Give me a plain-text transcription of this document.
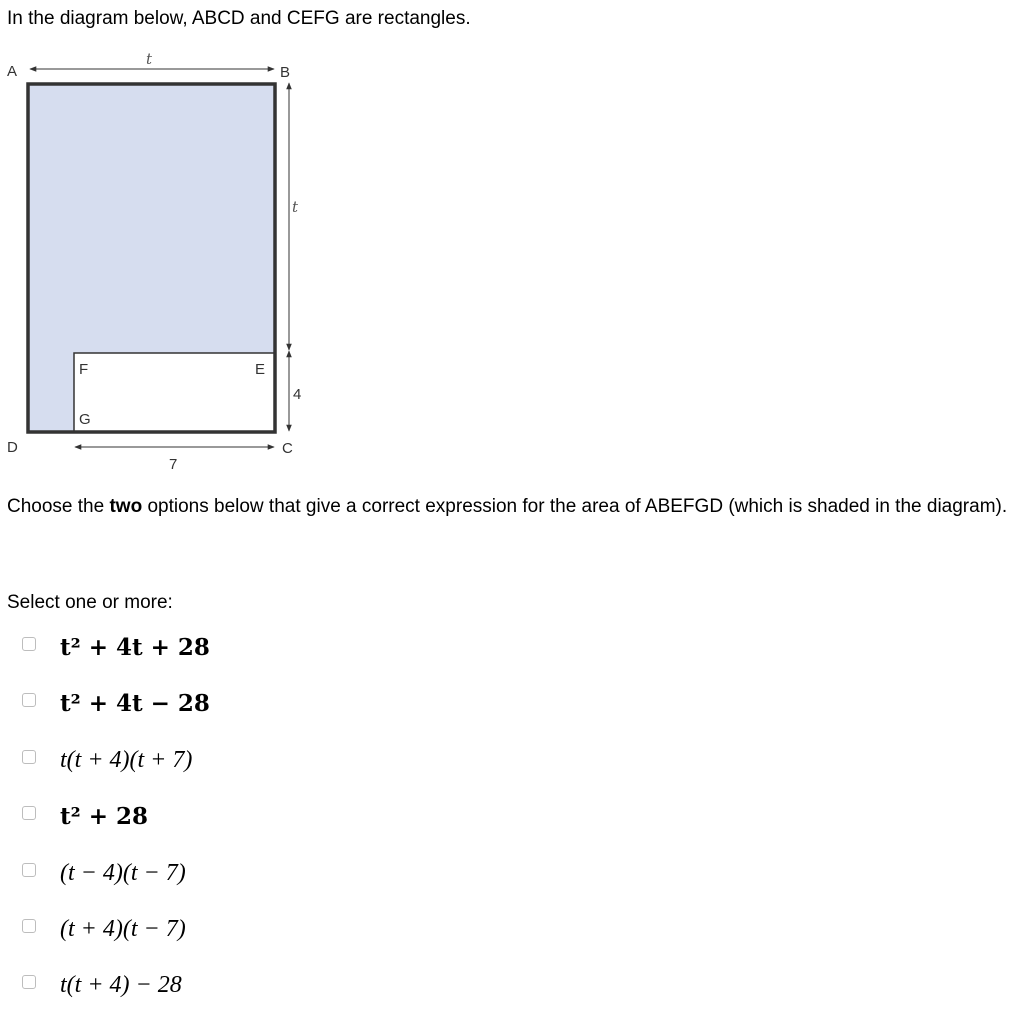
In the diagram below, ABCD and CEFG are rectangles.

A	B
C
D
E
F
G
t
t
4
7

Choose the two options below that give a correct expression for the area of ABEFGD (which is shaded in the diagram).

Select one or more:

t² + 4t + 28
t² + 4t − 28
t(t + 4)(t + 7)
t² + 28
(t − 4)(t − 7)
(t + 4)(t − 7)
t(t + 4) − 28
